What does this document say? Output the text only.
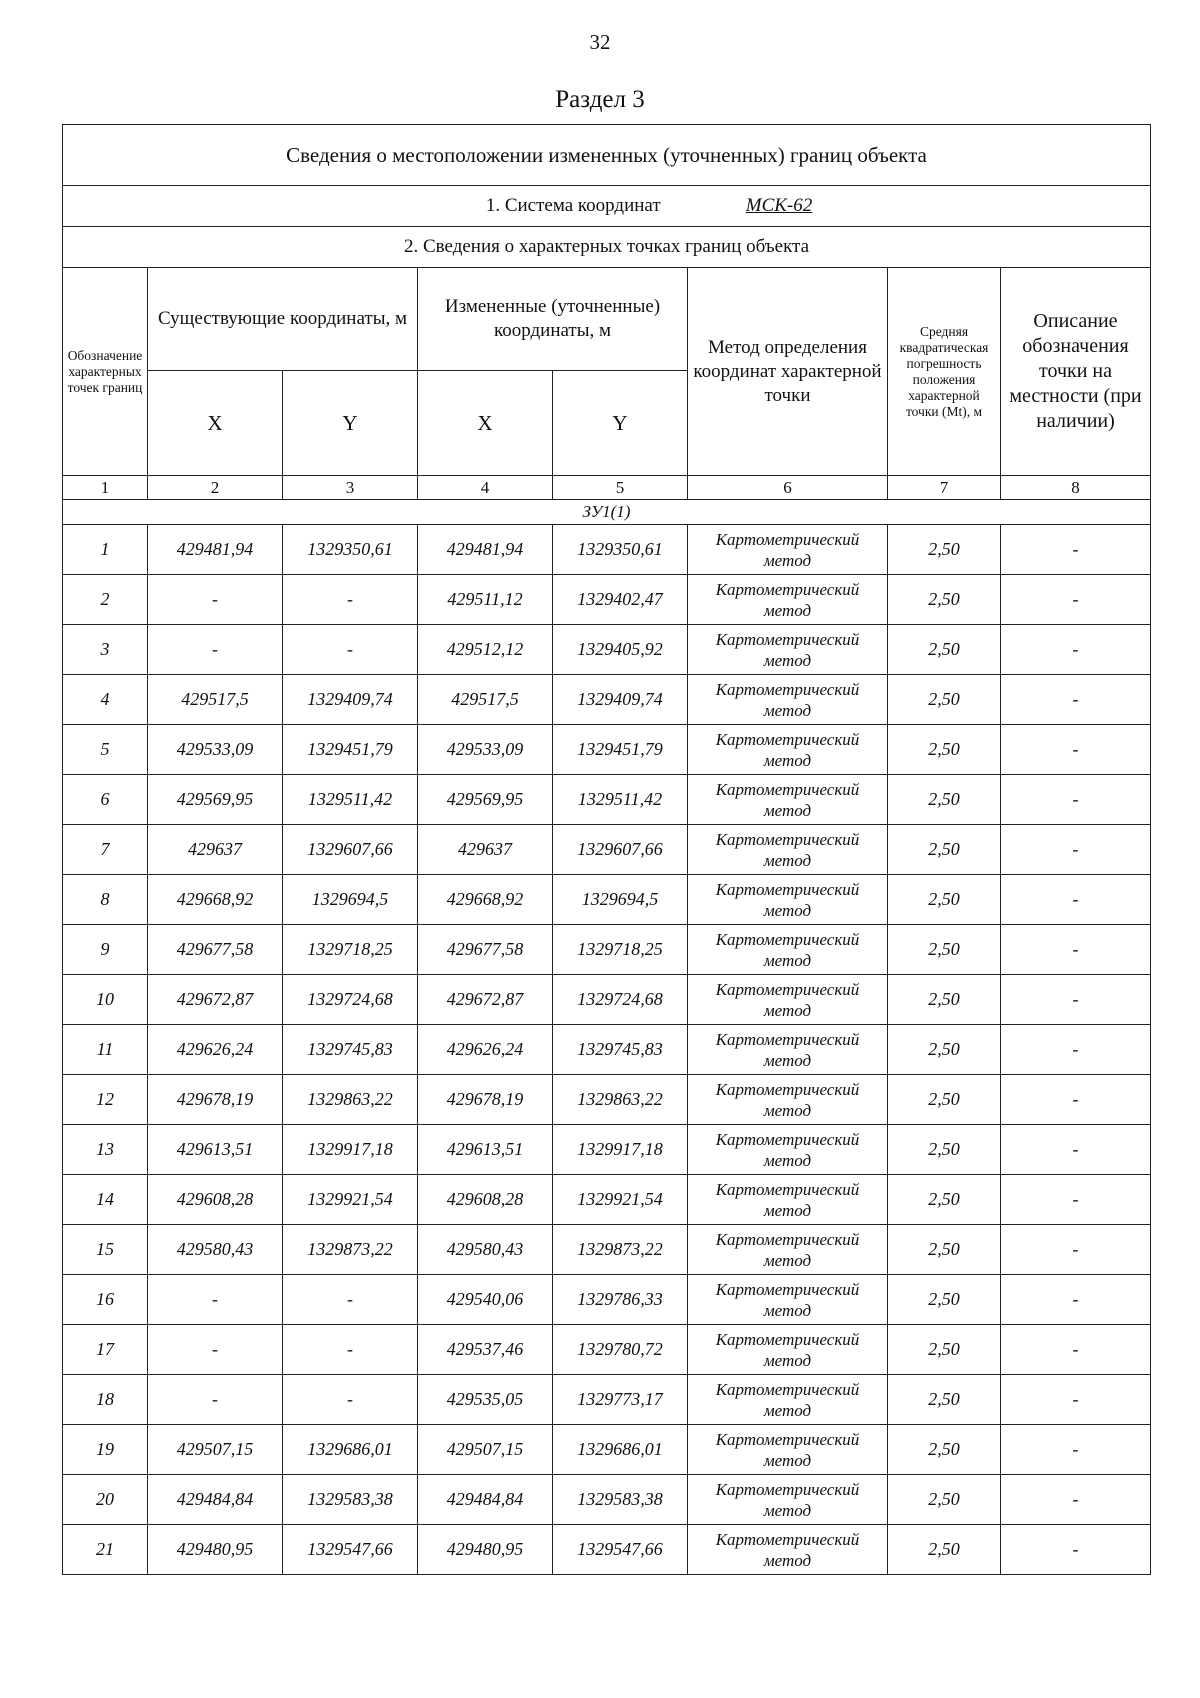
32
Раздел 3
Сведения о местоположении измененных (уточненных) границ объекта							
1. Система координат МСК-62							
2. Сведения о характерных точках границ объекта							
Обозначение характерных точек границ	Существующие координаты, м		Измененные (уточненные) координаты, м		Метод определения координат характерной точки	Средняя квадратическая погрешность положения характерной точки (Mt), м	Описание обозначения точки на местности (при наличии)
	X	Y	X	Y			
1	2	3	4	5	6	7	8
ЗУ1(1)							
1	429481,94	1329350,61	429481,94	1329350,61	Картометрический метод	2,50	-
2	-	-	429511,12	1329402,47	Картометрический метод	2,50	-
3	-	-	429512,12	1329405,92	Картометрический метод	2,50	-
4	429517,5	1329409,74	429517,5	1329409,74	Картометрический метод	2,50	-
5	429533,09	1329451,79	429533,09	1329451,79	Картометрический метод	2,50	-
6	429569,95	1329511,42	429569,95	1329511,42	Картометрический метод	2,50	-
7	429637	1329607,66	429637	1329607,66	Картометрический метод	2,50	-
8	429668,92	1329694,5	429668,92	1329694,5	Картометрический метод	2,50	-
9	429677,58	1329718,25	429677,58	1329718,25	Картометрический метод	2,50	-
10	429672,87	1329724,68	429672,87	1329724,68	Картометрический метод	2,50	-
11	429626,24	1329745,83	429626,24	1329745,83	Картометрический метод	2,50	-
12	429678,19	1329863,22	429678,19	1329863,22	Картометрический метод	2,50	-
13	429613,51	1329917,18	429613,51	1329917,18	Картометрический метод	2,50	-
14	429608,28	1329921,54	429608,28	1329921,54	Картометрический метод	2,50	-
15	429580,43	1329873,22	429580,43	1329873,22	Картометрический метод	2,50	-
16	-	-	429540,06	1329786,33	Картометрический метод	2,50	-
17	-	-	429537,46	1329780,72	Картометрический метод	2,50	-
18	-	-	429535,05	1329773,17	Картометрический метод	2,50	-
19	429507,15	1329686,01	429507,15	1329686,01	Картометрический метод	2,50	-
20	429484,84	1329583,38	429484,84	1329583,38	Картометрический метод	2,50	-
21	429480,95	1329547,66	429480,95	1329547,66	Картометрический метод	2,50	-
